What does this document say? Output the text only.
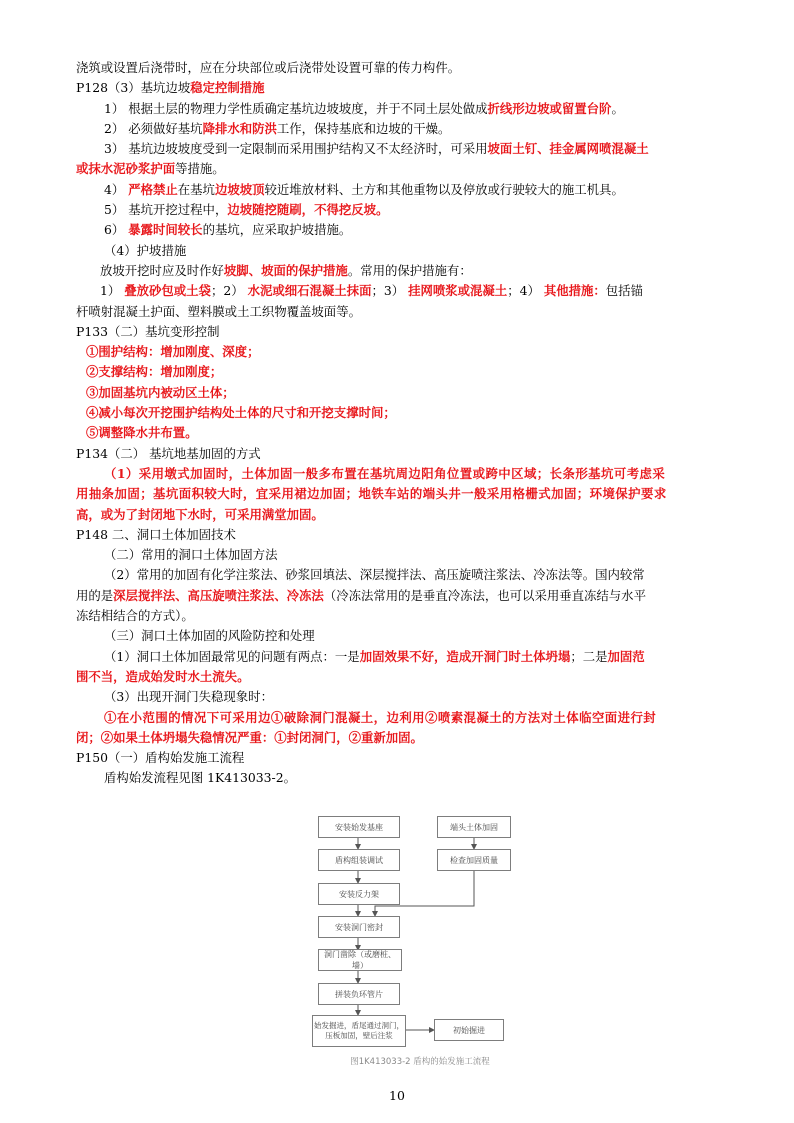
浇筑或设置后浇带时，应在分块部位或后浇带处设置可靠的传力构件。
P128（3）基坑边坡稳定控制措施
1） 根据土层的物理力学性质确定基坑边坡坡度，并于不同土层处做成折线形边坡或留置台阶。
2） 必须做好基坑降排水和防洪工作，保持基底和边坡的干燥。
3） 基坑边坡坡度受到一定限制而采用围护结构又不太经济时，可采用坡面土钉、挂金属网喷混凝土
或抹水泥砂浆护面等措施。
4） 严格禁止在基坑边坡坡顶较近堆放材料、土方和其他重物以及停放或行驶较大的施工机具。
5） 基坑开挖过程中，边坡随挖随刷，不得挖反坡。
6） 暴露时间较长的基坑，应采取护坡措施。
（4）护坡措施
放坡开挖时应及时作好坡脚、坡面的保护措施。常用的保护措施有：
1） 叠放砂包或土袋；2） 水泥或细石混凝土抹面；3） 挂网喷浆或混凝土；4） 其他措施：包括锚
杆喷射混凝土护面、塑料膜或土工织物覆盖坡面等。
P133（二）基坑变形控制
①围护结构：增加刚度、深度；
②支撑结构：增加刚度；
③加固基坑内被动区土体；
④减小每次开挖围护结构处土体的尺寸和开挖支撑时间；
⑤调整降水井布置。
P134（二） 基坑地基加固的方式
（1）采用墩式加固时，土体加固一般多布置在基坑周边阳角位置或跨中区域；长条形基坑可考虑采
用抽条加固；基坑面积较大时，宜采用裙边加固；地铁车站的端头井一般采用格栅式加固；环境保护要求
高，或为了封闭地下水时，可采用满堂加固。
P148 二、洞口土体加固技术
（二）常用的洞口土体加固方法
（2）常用的加固有化学注浆法、砂浆回填法、深层搅拌法、高压旋喷注浆法、冷冻法等。国内较常
用的是深层搅拌法、高压旋喷注浆法、冷冻法（冷冻法常用的是垂直冷冻法，也可以采用垂直冻结与水平
冻结相结合的方式）。
（三）洞口土体加固的风险防控和处理
（1）洞口土体加固最常见的问题有两点：一是加固效果不好，造成开洞门时土体坍塌；二是加固范
围不当，造成始发时水土流失。
（3）出现开洞门失稳现象时：
①在小范围的情况下可采用边①破除洞门混凝土，边利用②喷素混凝土的方法对土体临空面进行封
闭；②如果土体坍塌失稳情况严重：①封闭洞门，②重新加固。
P150（一）盾构始发施工流程
盾构始发流程见图 1K413033-2。
安装始发基座
盾构组装调试
安装反力架
安装洞门密封
洞门凿除（或磨桩、墙）
拼装负环管片
始发掘进，盾尾通过洞门，压板加固，壁后注浆
初始掘进
端头土体加固
检查加固质量
图1K413033-2 盾构的始发施工流程
10
